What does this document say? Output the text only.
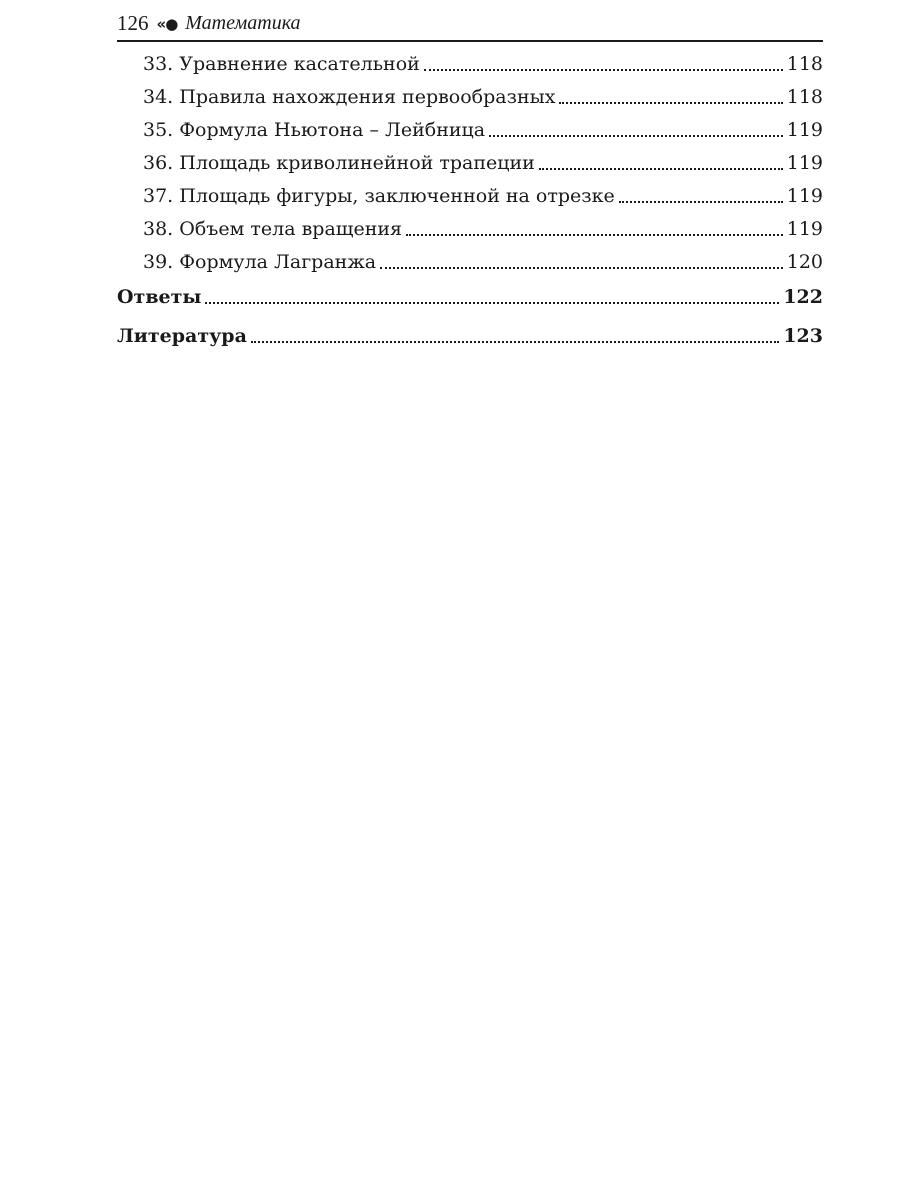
126 «● Математика
33. Уравнение касательной	118
34. Правила нахождения первообразных	118
35. Формула Ньютона – Лейбница	119
36. Площадь криволинейной трапеции	119
37. Площадь фигуры, заключенной на отрезке	119
38. Объем тела вращения	119
39. Формула Лагранжа	120
Ответы	122
Литература	123
